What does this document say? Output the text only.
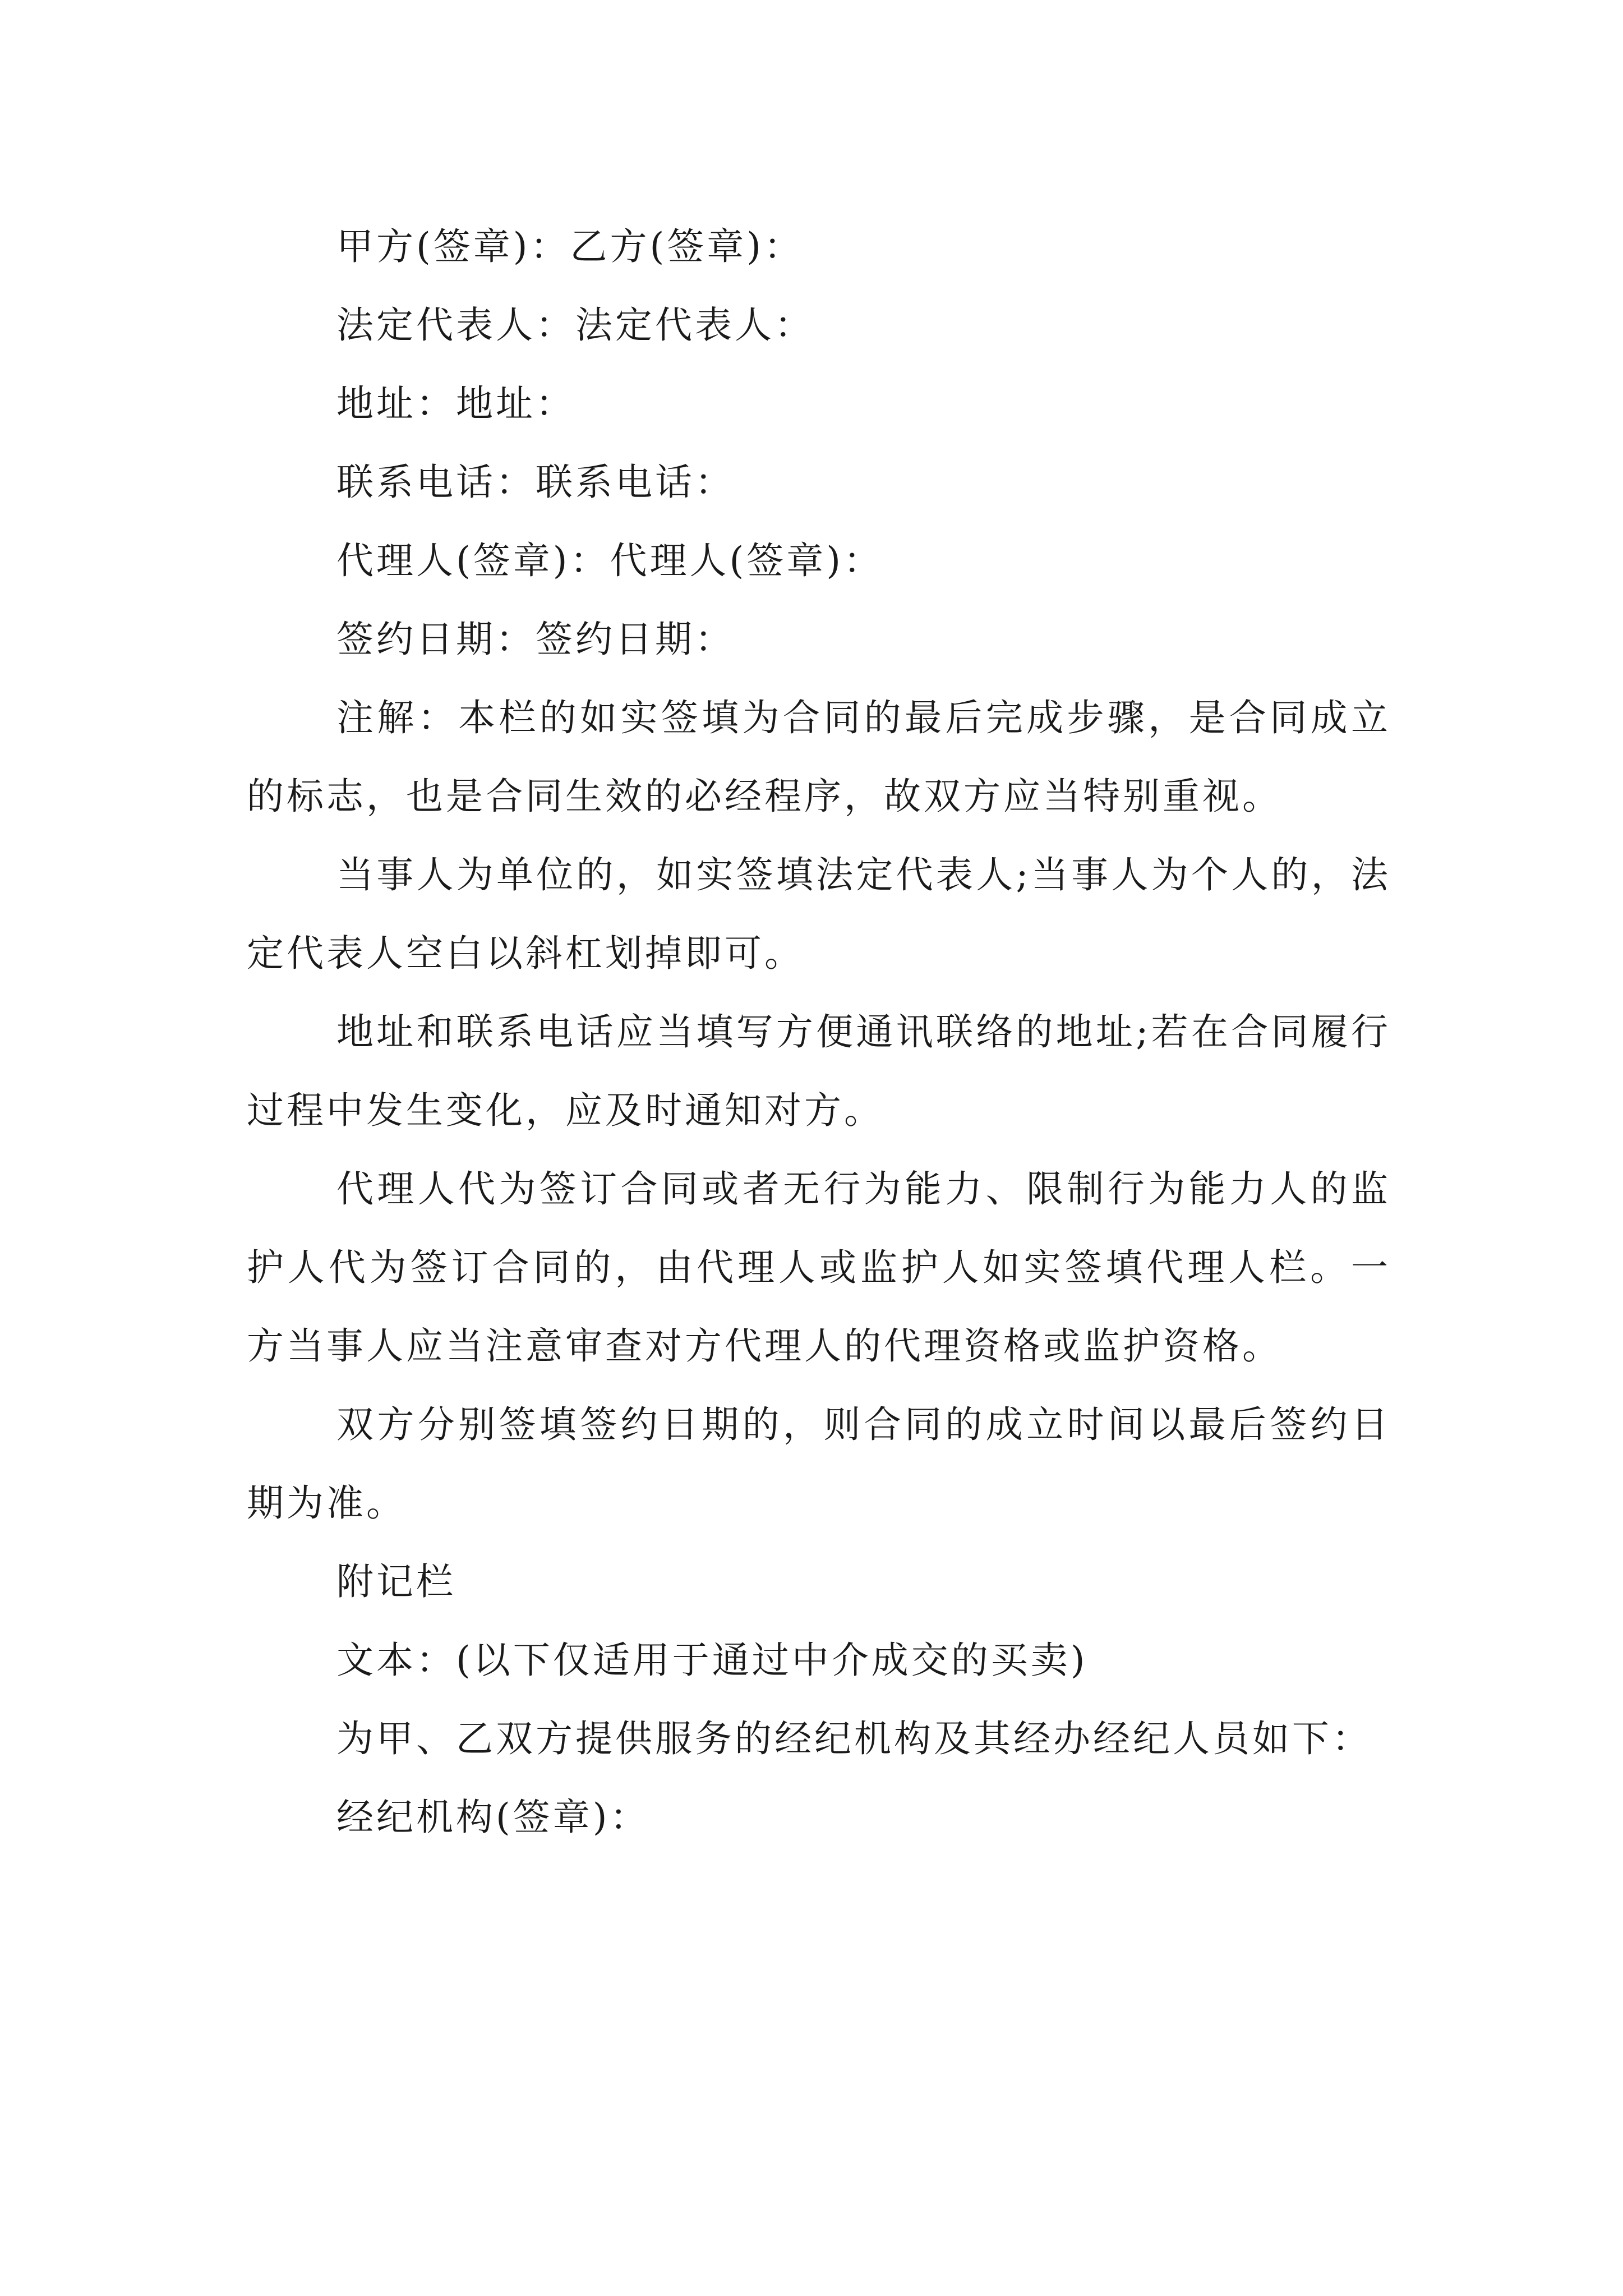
甲方(签章)：乙方(签章)：

法定代表人：法定代表人：

地址：地址：

联系电话：联系电话：

代理人(签章)：代理人(签章)：

签约日期：签约日期：

注解：本栏的如实签填为合同的最后完成步骤，是合同成立的标志，也是合同生效的必经程序，故双方应当特别重视。

当事人为单位的，如实签填法定代表人;当事人为个人的，法定代表人空白以斜杠划掉即可。

地址和联系电话应当填写方便通讯联络的地址;若在合同履行过程中发生变化，应及时通知对方。

代理人代为签订合同或者无行为能力、限制行为能力人的监护人代为签订合同的，由代理人或监护人如实签填代理人栏。一方当事人应当注意审查对方代理人的代理资格或监护资格。

双方分别签填签约日期的，则合同的成立时间以最后签约日期为准。

附记栏

文本：(以下仅适用于通过中介成交的买卖)

为甲、乙双方提供服务的经纪机构及其经办经纪人员如下：

经纪机构(签章)：
